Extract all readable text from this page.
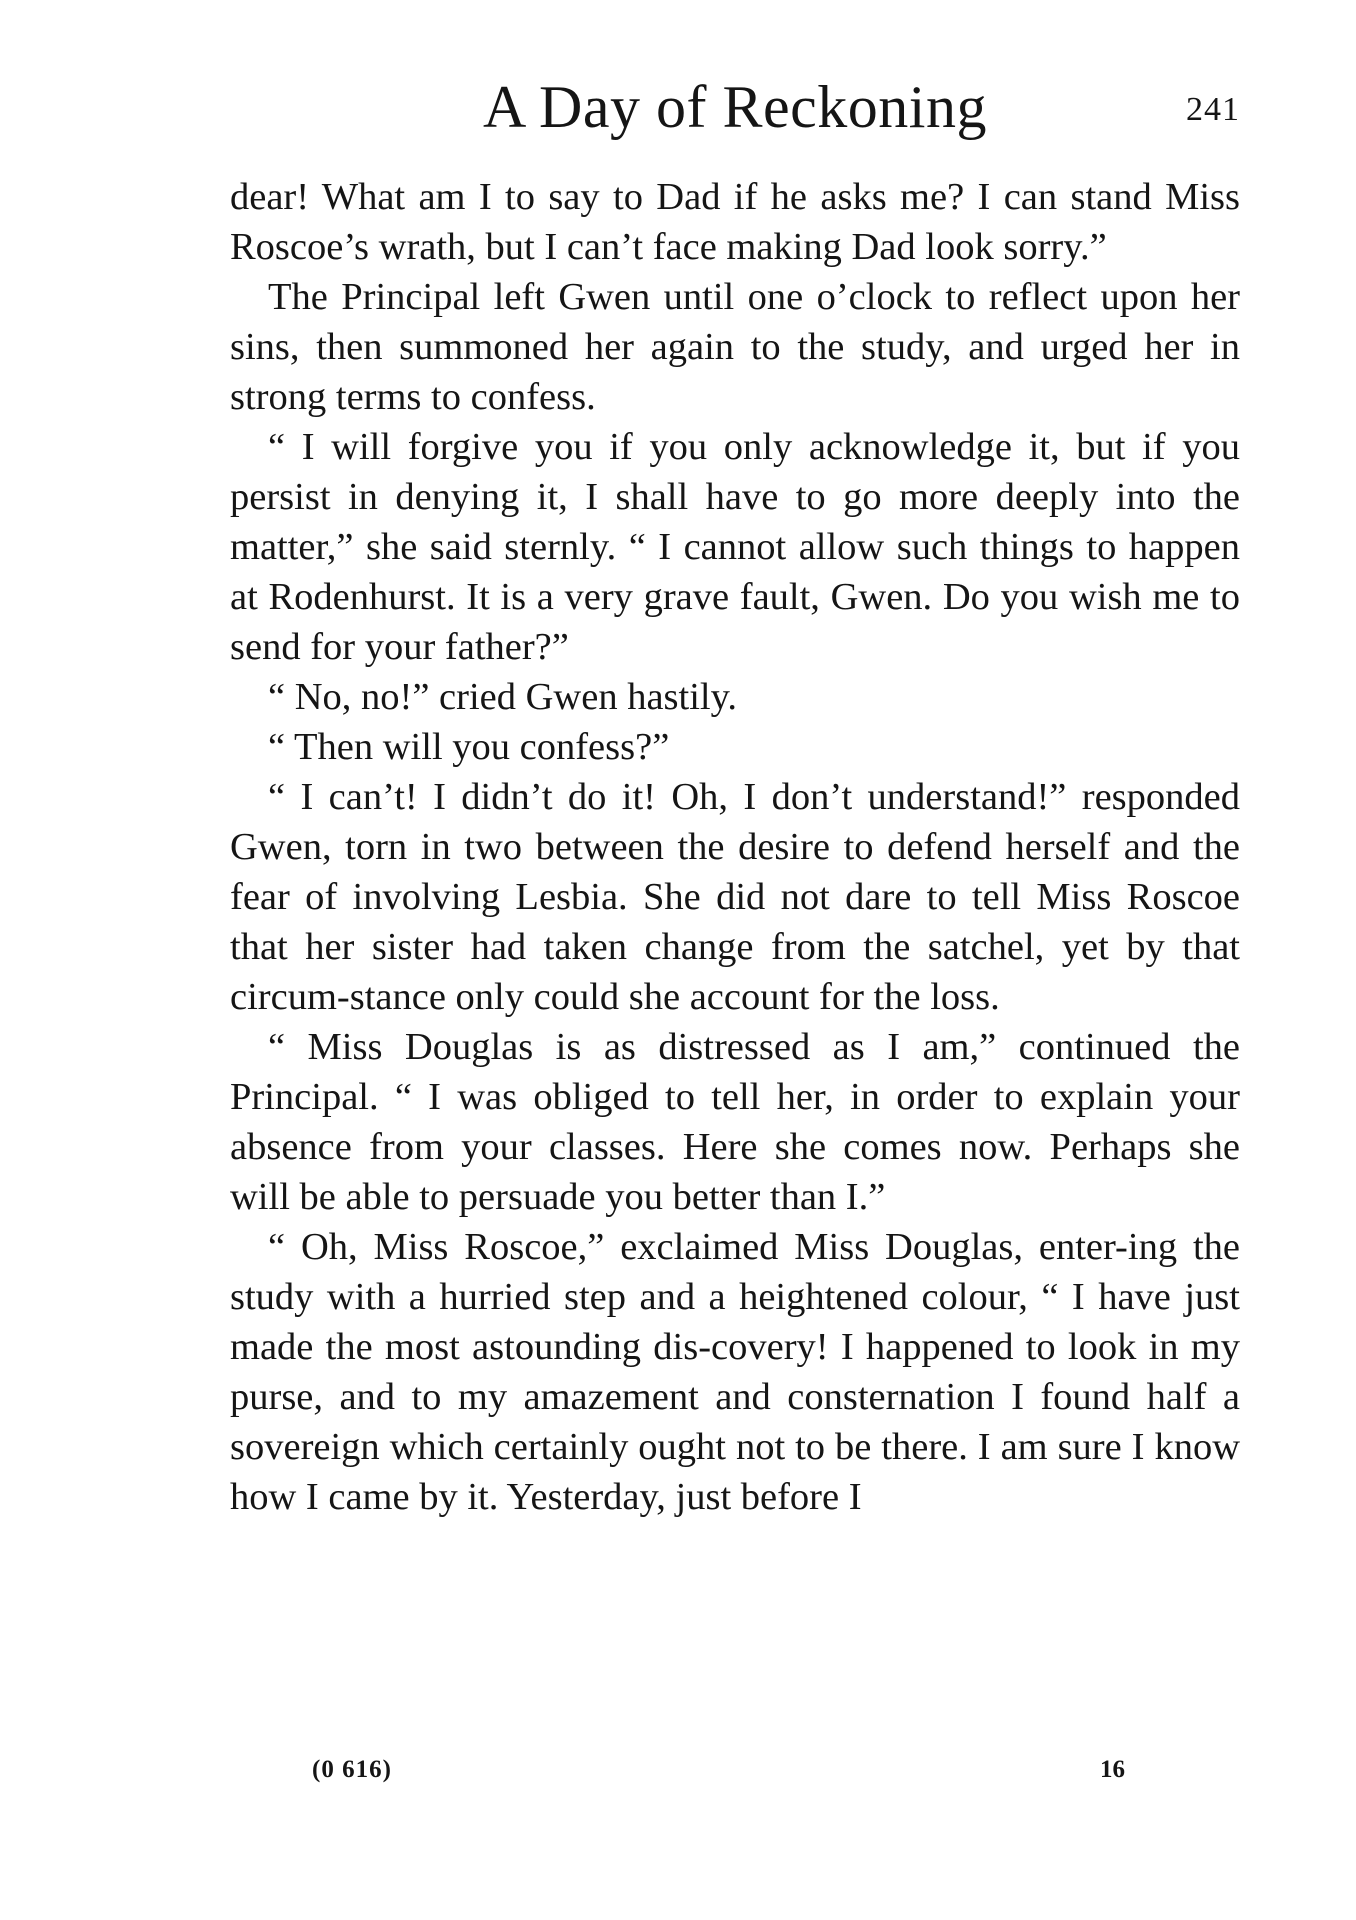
A Day of Reckoning	241

dear! What am I to say to Dad if he asks me? I can stand Miss Roscoe’s wrath, but I can’t face making Dad look sorry.”

The Principal left Gwen until one o’clock to reflect upon her sins, then summoned her again to the study, and urged her in strong terms to confess.

“ I will forgive you if you only acknowledge it, but if you persist in denying it, I shall have to go more deeply into the matter,” she said sternly. “ I cannot allow such things to happen at Rodenhurst. It is a very grave fault, Gwen. Do you wish me to send for your father?”

“ No, no!” cried Gwen hastily.

“ Then will you confess?”

“ I can’t! I didn’t do it! Oh, I don’t understand!” responded Gwen, torn in two between the desire to defend herself and the fear of involving Lesbia. She did not dare to tell Miss Roscoe that her sister had taken change from the satchel, yet by that circum-stance only could she account for the loss.

“ Miss Douglas is as distressed as I am,” continued the Principal. “ I was obliged to tell her, in order to explain your absence from your classes. Here she comes now. Perhaps she will be able to persuade you better than I.”

“ Oh, Miss Roscoe,” exclaimed Miss Douglas, enter-ing the study with a hurried step and a heightened colour, “ I have just made the most astounding dis-covery! I happened to look in my purse, and to my amazement and consternation I found half a sovereign which certainly ought not to be there. I am sure I know how I came by it. Yesterday, just before I

(0 616)	16
